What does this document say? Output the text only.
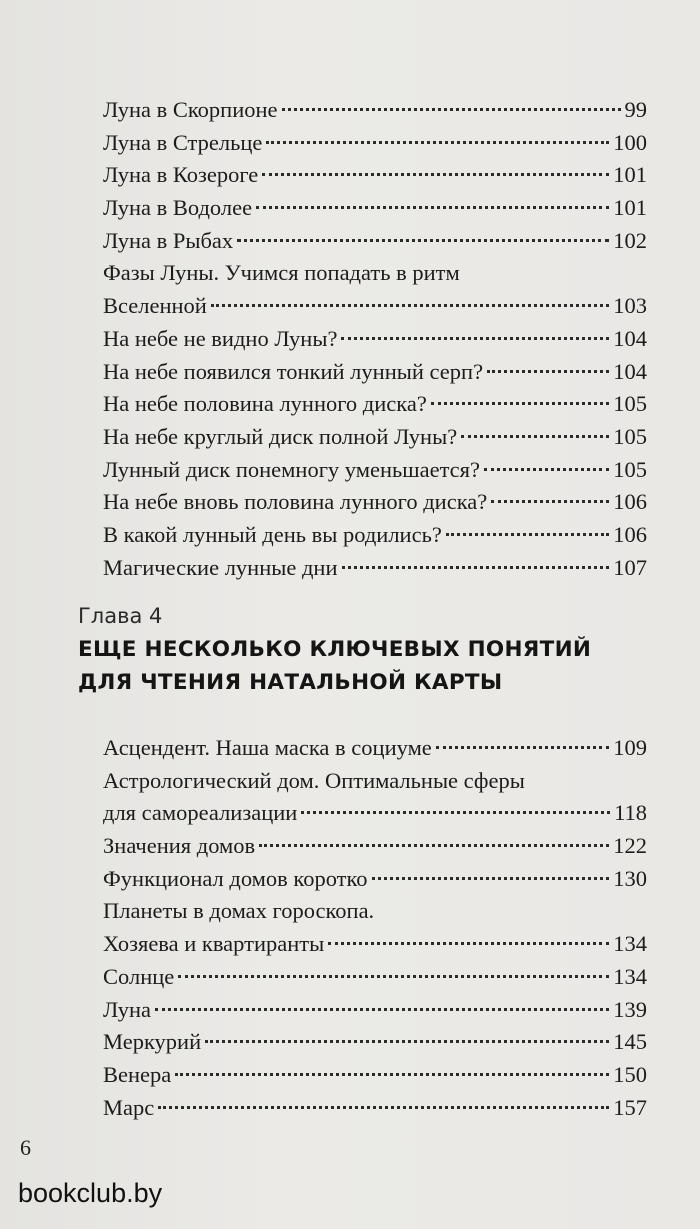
Луна в Скорпионе	99
Луна в Стрельце	100
Луна в Козероге	101
Луна в Водолее	101
Луна в Рыбах	102
Фазы Луны. Учимся попадать в ритм
Вселенной	103
На небе не видно Луны?	104
На небе появился тонкий лунный серп?	104
На небе половина лунного диска?	105
На небе круглый диск полной Луны?	105
Лунный диск понемногу уменьшается?	105
На небе вновь половина лунного диска?	106
В какой лунный день вы родились?	106
Магические лунные дни	107
Глава 4
ЕЩЕ НЕСКОЛЬКО КЛЮЧЕВЫХ ПОНЯТИЙ
ДЛЯ ЧТЕНИЯ НАТАЛЬНОЙ КАРТЫ
Асцендент. Наша маска в социуме	109
Астрологический дом. Оптимальные сферы
для самореализации	118
Значения домов	122
Функционал домов коротко	130
Планеты в домах гороскопа.
Хозяева и квартиранты	134
Солнце	134
Луна	139
Меркурий	145
Венера	150
Марс	157
6
bookclub.by
